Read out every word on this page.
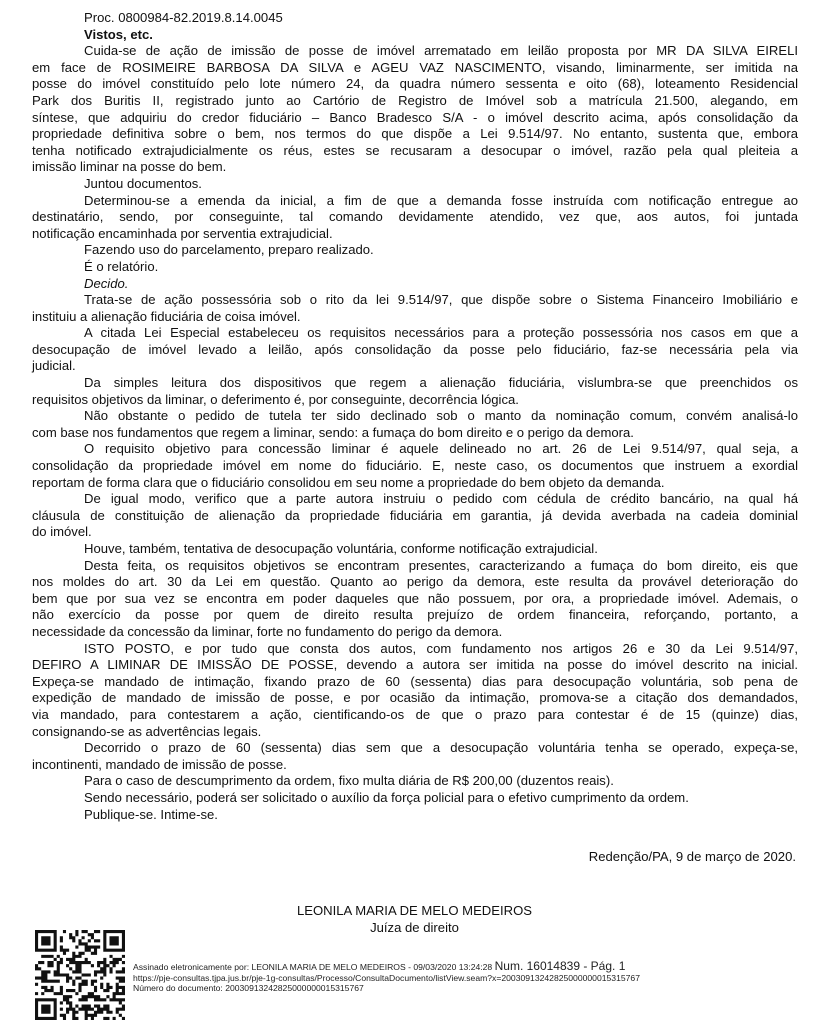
Proc. 0800984-82.2019.8.14.0045
Vistos, etc.
Cuida-se de ação de imissão de posse de imóvel arrematado em leilão proposta por MR DA SILVA EIRELI
em face de ROSIMEIRE BARBOSA DA SILVA e AGEU VAZ NASCIMENTO, visando, liminarmente, ser imitida na
posse do imóvel constituído pelo lote número 24, da quadra número sessenta e oito (68), loteamento Residencial
Park dos Buritis II, registrado junto ao Cartório de Registro de Imóvel sob a matrícula 21.500, alegando, em
síntese, que adquiriu do credor fiduciário – Banco Bradesco S/A - o imóvel descrito acima, após consolidação da
propriedade definitiva sobre o bem, nos termos do que dispõe a Lei 9.514/97. No entanto, sustenta que, embora
tenha notificado extrajudicialmente os réus, estes se recusaram a desocupar o imóvel, razão pela qual pleiteia a
imissão liminar na posse do bem.
Juntou documentos.
Determinou-se a emenda da inicial, a fim de que a demanda fosse instruída com notificação entregue ao
destinatário, sendo, por conseguinte, tal comando devidamente atendido, vez que, aos autos, foi juntada
notificação encaminhada por serventia extrajudicial.
Fazendo uso do parcelamento, preparo realizado.
É o relatório.
Decido.
Trata-se de ação possessória sob o rito da lei 9.514/97, que dispõe sobre o Sistema Financeiro Imobiliário e
instituiu a alienação fiduciária de coisa imóvel.
A citada Lei Especial estabeleceu os requisitos necessários para a proteção possessória nos casos em que a
desocupação de imóvel levado a leilão, após consolidação da posse pelo fiduciário, faz-se necessária pela via
judicial.
Da simples leitura dos dispositivos que regem a alienação fiduciária, vislumbra-se que preenchidos os
requisitos objetivos da liminar, o deferimento é, por conseguinte, decorrência lógica.
Não obstante o pedido de tutela ter sido declinado sob o manto da nominação comum, convém analisá-lo
com base nos fundamentos que regem a liminar, sendo: a fumaça do bom direito e o perigo da demora.
O requisito objetivo para concessão liminar é aquele delineado no art. 26 de Lei 9.514/97, qual seja, a
consolidação da propriedade imóvel em nome do fiduciário. E, neste caso, os documentos que instruem a exordial
reportam de forma clara que o fiduciário consolidou em seu nome a propriedade do bem objeto da demanda.
De igual modo, verifico que a parte autora instruiu o pedido com cédula de crédito bancário, na qual há
cláusula de constituição de alienação da propriedade fiduciária em garantia, já devida averbada na cadeia dominial
do imóvel.
Houve, também, tentativa de desocupação voluntária, conforme notificação extrajudicial.
Desta feita, os requisitos objetivos se encontram presentes, caracterizando a fumaça do bom direito, eis que
nos moldes do art. 30 da Lei em questão. Quanto ao perigo da demora, este resulta da provável deterioração do
bem que por sua vez se encontra em poder daqueles que não possuem, por ora, a propriedade imóvel. Ademais, o
não exercício da posse por quem de direito resulta prejuízo de ordem financeira, reforçando, portanto, a
necessidade da concessão da liminar, forte no fundamento do perigo da demora.
ISTO POSTO, e por tudo que consta dos autos, com fundamento nos artigos 26 e 30 da Lei 9.514/97,
DEFIRO A LIMINAR DE IMISSÃO DE POSSE, devendo a autora ser imitida na posse do imóvel descrito na inicial.
Expeça-se mandado de intimação, fixando prazo de 60 (sessenta) dias para desocupação voluntária, sob pena de
expedição de mandado de imissão de posse, e por ocasião da intimação, promova-se a citação dos demandados,
via mandado, para contestarem a ação, cientificando-os de que o prazo para contestar é de 15 (quinze) dias,
consignando-se as advertências legais.
Decorrido o prazo de 60 (sessenta) dias sem que a desocupação voluntária tenha se operado, expeça-se,
incontinenti, mandado de imissão de posse.
Para o caso de descumprimento da ordem, fixo multa diária de R$ 200,00 (duzentos reais).
Sendo necessário, poderá ser solicitado o auxílio da força policial para o efetivo cumprimento da ordem.
Publique-se. Intime-se.
Redenção/PA, 9 de março de 2020.
LEONILA MARIA DE MELO MEDEIROS
Juíza de direito
Assinado eletronicamente por: LEONILA MARIA DE MELO MEDEIROS - 09/03/2020 13:24:28 Num. 16014839 - Pág. 1
https://pje-consultas.tjpa.jus.br/pje-1g-consultas/Processo/ConsultaDocumento/listView.seam?x=20030913242825000000015315767
Número do documento: 20030913242825000000015315767
